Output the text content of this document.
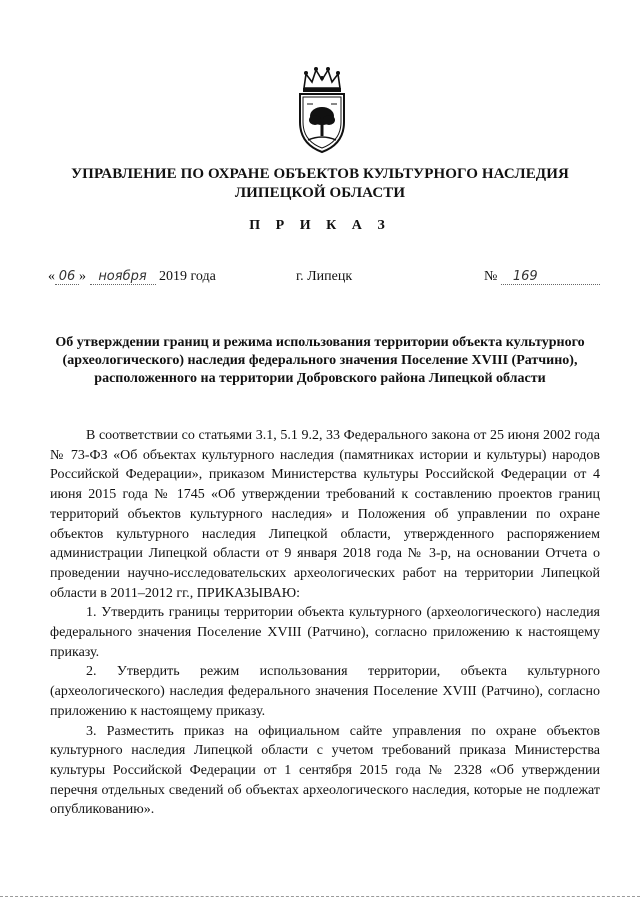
УПРАВЛЕНИЕ ПО ОХРАНЕ ОБЪЕКТОВ КУЛЬТУРНОГО НАСЛЕДИЯ
ЛИПЕЦКОЙ ОБЛАСТИ
П Р И К А З
« 06 » ноября 2019 года	г. Липецк	№ 169
Об утверждении границ и режима использования территории объекта культурного (археологического) наследия федерального значения Поселение XVIII (Ратчино), расположенного на территории Добровского района Липецкой области

В соответствии со статьями 3.1, 5.1 9.2, 33 Федерального закона от 25 июня 2002 года № 73-ФЗ «Об объектах культурного наследия (памятниках истории и культуры) народов Российской Федерации», приказом Министерства культуры Российской Федерации от 4 июня 2015 года № 1745 «Об утверждении требований к составлению проектов границ территорий объектов культурного наследия» и Положения об управлении по охране объектов культурного наследия Липецкой области, утвержденного распоряжением администрации Липецкой области от 9 января 2018 года № 3-р, на основании Отчета о проведении научно-исследовательских археологических работ на территории Липецкой области в 2011–2012 гг., ПРИКАЗЫВАЮ:

1. Утвердить границы территории объекта культурного (археологического) наследия федерального значения Поселение XVIII (Ратчино), согласно приложению к настоящему приказу.

2. Утвердить режим использования территории, объекта культурного (археологического) наследия федерального значения Поселение XVIII (Ратчино), согласно приложению к настоящему приказу.

3. Разместить приказ на официальном сайте управления по охране объектов культурного наследия Липецкой области с учетом требований приказа Министерства культуры Российской Федерации от 1 сентября 2015 года № 2328 «Об утверждении перечня отдельных сведений об объектах археологического наследия, которые не подлежат опубликованию».
